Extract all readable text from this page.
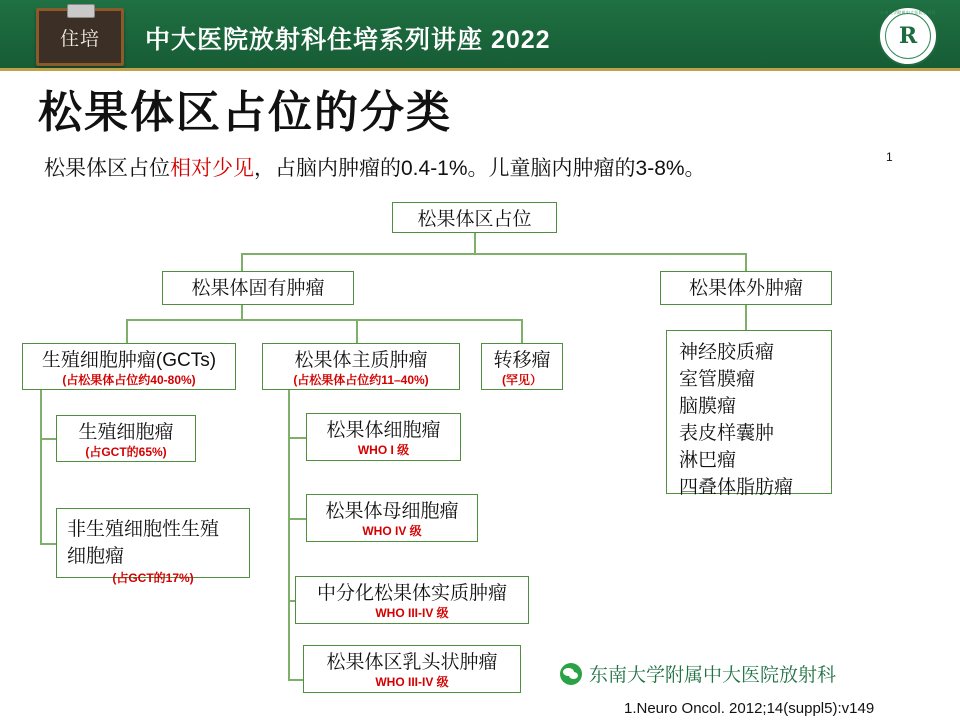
住培	中大医院放射科住培系列讲座 2022
东南大学附属中大医院放射科
R
松果体区占位的分类
松果体区占位相对少见，占脑内肿瘤的0.4-1%。儿童脑内肿瘤的3-8%。	1
松果体区占位
松果体固有肿瘤	松果体外肿瘤
生殖细胞肿瘤(GCTs)
(占松果体占位约40-80%)
松果体主质肿瘤
(占松果体占位约11–40%)
转移瘤
(罕见）
生殖细胞瘤
(占GCT的65%)
非生殖细胞性生殖
细胞瘤
(占GCT的17%)
松果体细胞瘤
WHO I 级
松果体母细胞瘤
WHO IV 级
中分化松果体实质肿瘤
WHO III-IV 级
松果体区乳头状肿瘤
WHO III-IV 级
神经胶质瘤
室管膜瘤
脑膜瘤
表皮样囊肿
淋巴瘤
四叠体脂肪瘤
东南大学附属中大医院放射科
1.Neuro Oncol. 2012;14(suppl5):v149
